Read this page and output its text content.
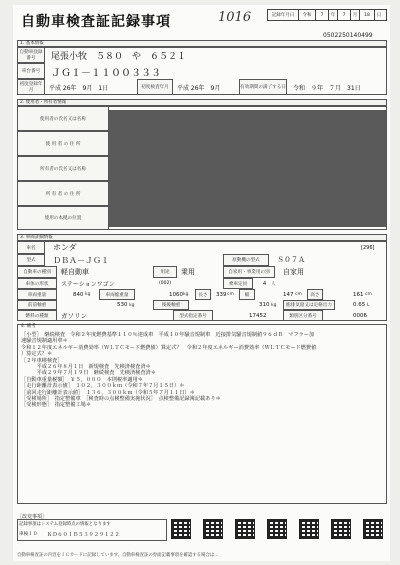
自動車検査証記録事項	1016	記録年月日	令和	7	年	7	月	18	日
0502250140499
1. 基本情報
自動車登録番号	尾張小牧　５８０　や　６５２１
車台番号	ＪＧ１－１１００３３３
初度登録年月	平成 26年　9月　1日	初度検査年月	平成 26年　9月	有効期間の満了する日 令和　９年　７月　31日
2. 使用者・所有者情報
使用者の氏名又は名称
使 用 者 の 住 所
所有者の氏名又は名称
所 有 者 の 住 所
使用の本拠の位置
3. 車両詳細情報
車名	ホンダ	[296]
型式	ＤＢＡ－ＪＧ１	原動機の型式	Ｓ０７Ａ
自動車の種別	軽自動車	用途	乗用	自家用・事業用の別	自家用
車体の形状	ステーションワゴン	(002)	乗車定員	4 人
車両重量	840 kg	車両総重量	1060 kg	長さ	339 cm	幅	147 cm	高さ	161 cm
前前軸重	530 kg	後後軸重	310 kg	総排気量又は定格出力	0.65 L
燃料の種類	ガソリン	型式指定番号	17452	類別区分番号	0006
4. 備考
［小型］　継続検査　令和２年度燃費基準１１０％達成車　平成１０年騒音規制車　近接排気騒音規制値９６ｄＢ　マフラー加
速騒音規制適用車＊
令和１２年度エネルギー消費効率（ＷＬＴＣモード燃費値）算定式？　令和２年度エネルギー消費効率（ＷＬＴＣモード燃費値
）算定式？＊
［２年車検検査］
　　　平成２６年８月１日　新規検査　先検済検査済＊
　　　平成２９年７月１９日　継続検査　先検済検査済＊
［自動車重量税額］　￥５，０００　本則税率適用＊
［走行距離計表示値］　１０２，３００ｋｍ（令和７年７月１５日）＊
［前回走行距離計表示値］　１３６，３００ｋｍ（令和５年７月１１日）＊
［受検場所］　指定整備車　［検査時の点検整備実施状況］　点検整備記録簿記載あり＊
［受検形態］　指定整備工場＊
［改変事項］
記録事項はシステム登録時点の情報となります
車検ＩＤ ＫＤ６０ＩＢ５３９２９１２２
自動車検査証の内容をＩＣカードに記録しています。自動車検査証の券面記載事項を確認する場合は...
